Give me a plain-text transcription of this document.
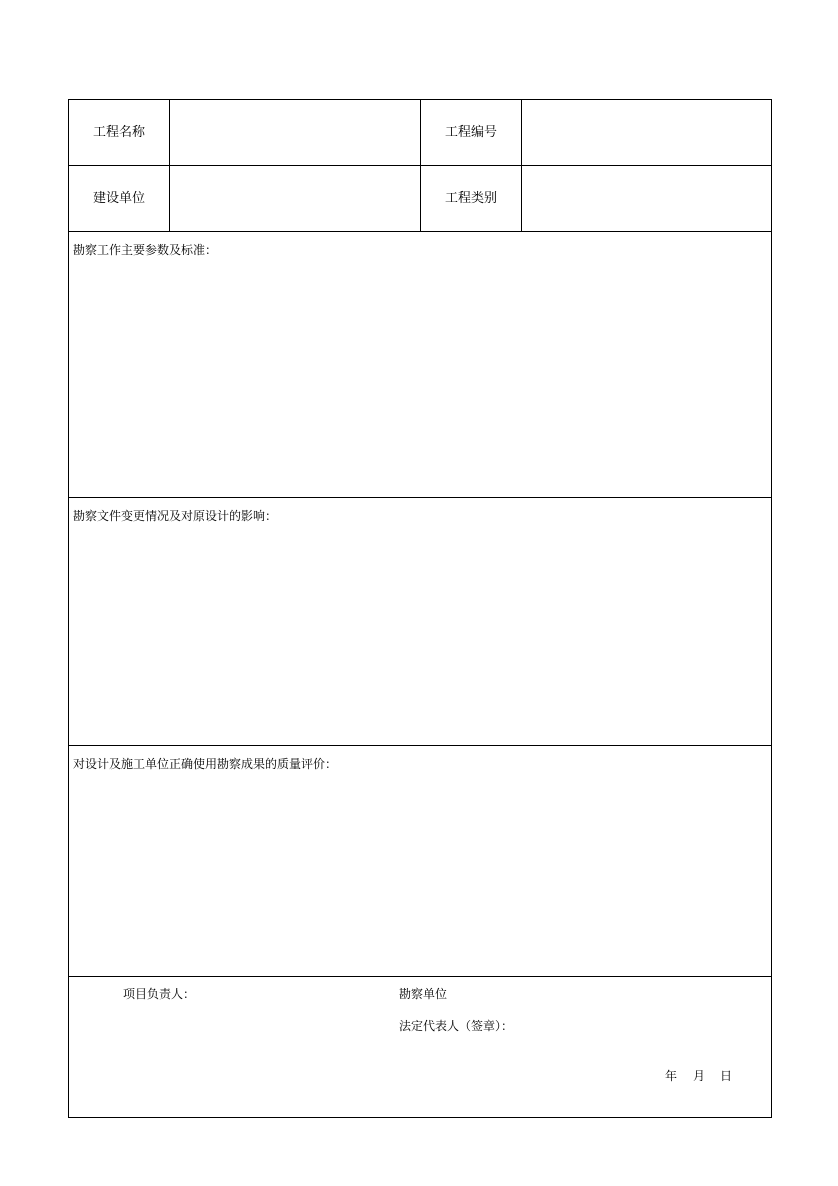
工程名称	工程编号
建设单位	工程类别
勘察工作主要参数及标准：
勘察文件变更情况及对原设计的影响：
对设计及施工单位正确使用勘察成果的质量评价：
项目负责人：	勘察单位
法定代表人（签章）：
年 月 日
